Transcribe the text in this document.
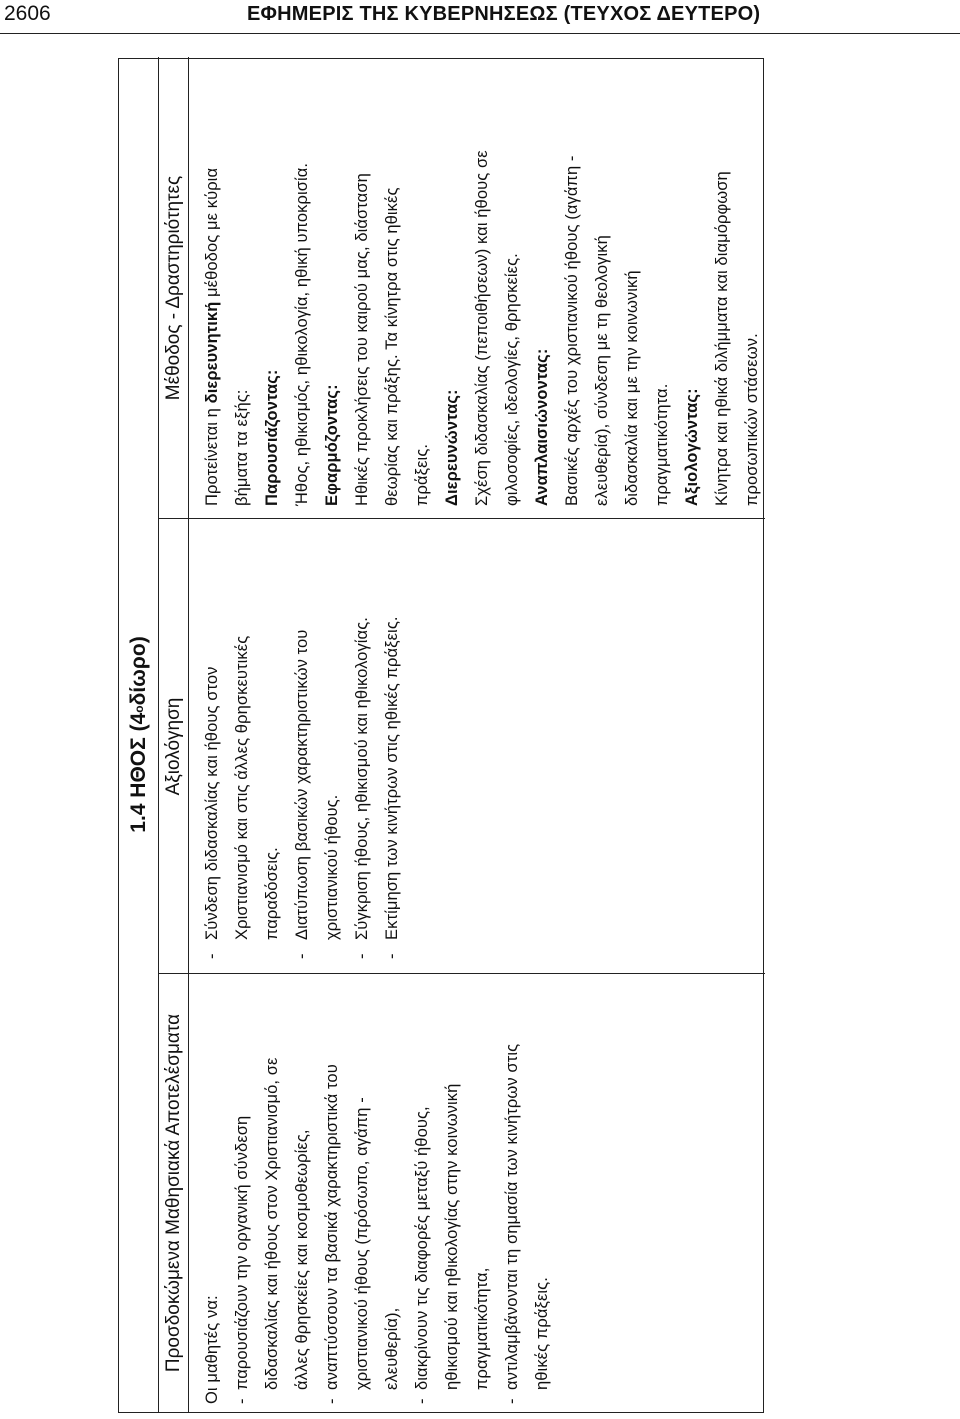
2606	ΕΦΗΜΕΡΙΣ ΤΗΣ ΚΥΒΕΡΝΗΣΕΩΣ (ΤΕΥΧΟΣ ΔΕΥΤΕΡΟ)
1.4 ΗΘΟΣ (4
ο
δίωρο)
Προσδοκώμενα Μαθησιακά Αποτελέσματα
Αξιολόγηση
Μέθοδος - Δραστηριότητες
Οι μαθητές να: -
παρουσιάζουν την οργανική σύνδεση διδασκαλίας και ήθους στον Χριστιανισμό, σε άλλες θρησκείες και κοσμοθεωρίες,
-
αναπτύσσουν τα βασικά χαρακτηριστικά του χριστιανικού ήθους (πρόσωπο, αγάπη - ελευθερία),
-
διακρίνουν τις διαφορές μεταξύ ήθους, ηθικισμού και ηθικολογίας στην κοινωνική πραγματικότητα,
-
αντιλαμβάνονται τη σημασία των κινήτρων στις ηθικές πράξεις.
-
Σύνδεση διδασκαλίας και ήθους στον Χριστιανισμό και στις άλλες θρησκευτικές παραδόσεις.
-
Διατύπωση βασικών χαρακτηριστικών του χριστιανικού ήθους.
-
Σύγκριση ήθους, ηθικισμού και ηθικολογίας.
-
Εκτίμηση των κινήτρων στις ηθικές πράξεις.
Προτείνεται η διερευνητική μέθοδος με κύρια
βήματα τα εξής: Παρουσιάζοντας: Ήθος, ηθικισμός, ηθικολογία, ηθική υποκρισία. Εφαρμόζοντας: Ηθικές προκλήσεις του καιρού μας, διάσταση θεωρίας και πράξης. Τα κίνητρα στις ηθικές πράξεις. Διερευνώντας: Σχέση διδασκαλίας (πεποιθήσεων) και ήθους σε φιλοσοφίες, ιδεολογίες, θρησκείες. Αναπλαισιώνοντας: Βασικές αρχές του χριστιανικού ήθους (αγάπη - ελευθερία), σύνδεση με τη θεολογική διδασκαλία και με την κοινωνική πραγματικότητα. Αξιολογώντας: Κίνητρα και ηθικά διλήμματα και διαμόρφωση προσωπικών στάσεων.
